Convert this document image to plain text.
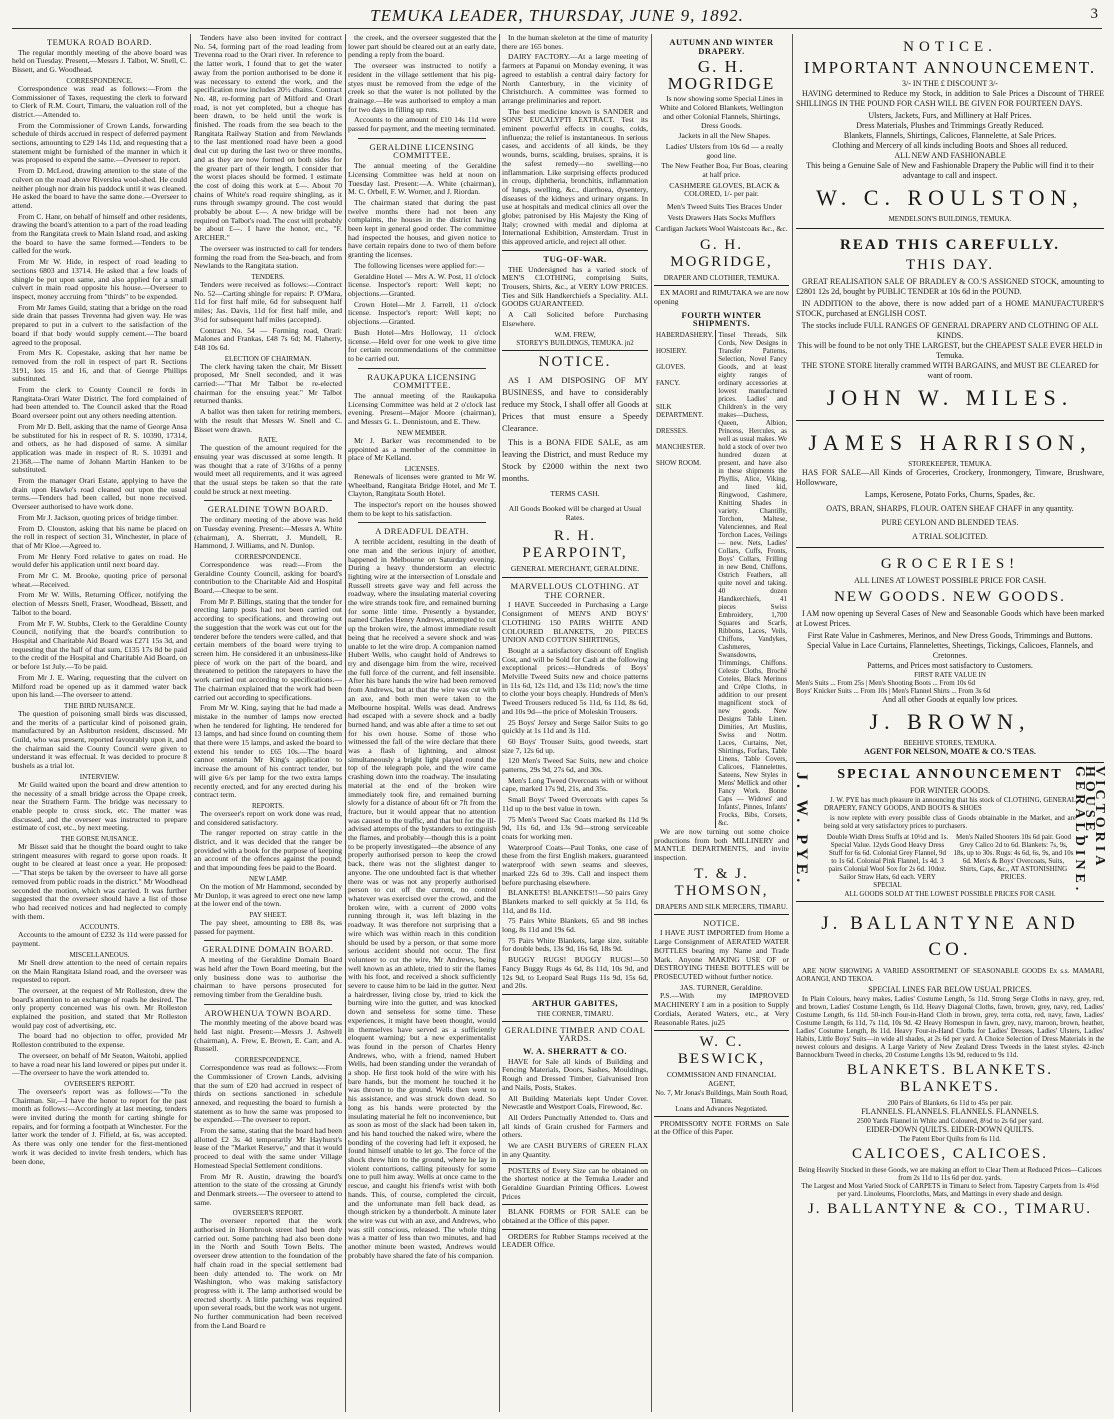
TEMUKA LEADER, THURSDAY, JUNE 9, 1892.	3
TEMUKA ROAD BOARD.

The regular monthly meeting of the above board was held on Tuesday. Present,—Messrs J. Talbot, W. Snell, C. Bissett, and G. Woodhead.

CORRESPONDENCE.

Correspondence was read as follows:—From the Commissioner of Taxes, requesting the clerk to forward to Clerk of R.M. Court, Timaru, the valuation roll of the district.—Attended to.

From the Commissioner of Crown Lands, forwarding schedule of thirds accrued in respect of deferred payment sections, amounting to £29 14s 11d, and requesting that a statement might be furnished of the manner in which it was proposed to expend the same.—Overseer to report.

From D. McLeod, drawing attention to the state of the culvert on the road above Riverslea wool-shed. He could neither plough nor drain his paddock until it was cleaned. He asked the board to have the same done.—Overseer to attend.

From C. Hanr, on behalf of himself and other residents, drawing the board's attention to a part of the road leading from the Rangitata creek to Main Island road, and asking the board to have the same formed.—Tenders to be called for the work.

From Mr W. Hide, in respect of road leading to sections 6803 and 13714. He asked that a few loads of shingle be put upon same, and also applied for a small culvert in main road opposite his house.—Overseer to inspect, money accruing from "thirds" to be expended.

From Mr James Guild, stating that a bridge on the road side drain that passes Trevenna had given way. He was prepared to put in a culvert to the satisfaction of the board if that body would supply cement.—The board agreed to the proposal.

From Mrs K. Copestake, asking that her name be removed from the roll in respect of part R. Sections 3191, lots 15 and 16, and that of George Phillips substituted.

From the clerk to County Council re fords in Rangitata-Orari Water District. The ford complained of had been attended to. The Council asked that the Road Board overseer point out any others needing attention.

From Mr D. Bell, asking that the name of George Ansa be substituted for his in respect of R. S. 10390, 17314, and others, as he had disposed of same. A similar application was made in respect of R. S. 10391 and 21368.—The name of Johann Martin Hanken to be substituted.

From the manager Orari Estate, applying to have the drain upon Hawke's road cleaned out upon the usual terms.—Tenders had been called, but none received. Overseer authorised to have work done.

From Mr J. Jackson, quoting prices of bridge timber.

From D. Clouston, asking that his name be placed on the roll in respect of section 31, Winchester, in place of that of Mr Kloe.—Agreed to.

From Mr Henry Ford relative to gates on road. He would defer his application until next board day.

From Mr C. M. Brooke, quoting price of personal wheat.—Received.

From Mr W. Wills, Returning Officer, notifying the election of Messrs Snell, Fraser, Woodhead, Bissett, and Talbot to the board.

From Mr F. W. Stubbs, Clerk to the Geraldine County Council, notifying that the board's contribution to Hospital and Charitable Aid Board was £271 15s 3d, and requesting that the half of that sum, £135 17s 8d be paid to the credit of the Hospital and Charitable Aid Board, on or before 1st July.—To be paid.

From Mr J. E. Waring, requesting that the culvert on Milford road be opened up as it dammed water back upon his land.—The overseer to attend.

THE BIRD NUISANCE.

The question of poisoning small birds was discussed, and the merits of a particular kind of poisoned grain, manufactured by an Ashburton resident, discussed. Mr Guild, who was present, reported favourably upon it, and the chairman said the County Council were given to understand it was effectual. It was decided to procure 8 bushels as a trial lot.

INTERVIEW.

Mr Guild waited upon the board and drew attention to the necessity of a small bridge across the Opape creek, near the Strathern Farm. The bridge was necessary to enable people to cross stock, etc. The matter was discussed, and the overseer was instructed to prepare estimate of cost, etc., by next meeting.

THE GORSE NUISANCE.

Mr Bisset said that he thought the board ought to take stringent measures with regard to gorse upon roads. It ought to be cleared at least once a year. He proposed:—"That steps be taken by the overseer to have all gorse removed from public roads in the district." Mr Woodhead seconded the motion, which was carried. It was further suggested that the overseer should have a list of those who had received notices and had neglected to comply with them.

ACCOUNTS.

Accounts to the amount of £232 3s 11d were passed for payment.

MISCELLANEOUS.

Mr Snell drew attention to the need of certain repairs on the Main Rangitata Island road, and the overseer was requested to report.

The overseer, at the request of Mr Rolleston, drew the board's attention to an exchange of roads he desired. The only property concerned was his own. Mr Rolleston explained the position, and stated that Mr Rolleston would pay cost of advertising, etc.

The board had no objection to offer, provided Mr Rolleston contributed to the expense.

The overseer, on behalf of Mr Seaton, Waitohi, applied to have a road near his land lowered or pipes put under it.—The overseer to have the work attended to.

OVERSEER'S REPORT.

The overseer's report was as follows:—"To the Chairman. Sir,—I have the honor to report for the past month as follows:—Accordingly at last meeting, tenders were invited during the month for carting shingle for repairs, and for forming a footpath at Winchester. For the latter work the tender of J. Fifield, at 6s, was accepted. As there was only one tender for the first-mentioned work it was decided to invite fresh tenders, which has been done,

Tenders have also been invited for contract No. 54, forming part of the road leading from Trevenna road to the Orari river. In reference to the latter work, I found that to get the water away from the portion authorised to be done it was necessary to extend the work, and the specification now includes 20½ chains. Contract No. 48, re-forming part of Milford and Orari road, is not yet completed, but a cheque has been drawn, to be held until the work is finished. The roads from the sea beach to the Rangitata Railway Station and from Newlands to the last mentioned road have been a good deal cut up during the last two or three months, and as they are now formed on both sides for the greater part of their length, I consider that the worst places should be formed. I estimate the cost of doing this work at £—. About 70 chains of White's road require shingling, as it runs through swampy ground. The cost would probably be about £—. A new bridge will be required on Talbot's road. The cost will probably be about £—. I have the honor, etc., "F. ARCHER."

The overseer was instructed to call for tenders forming the road from the Sea-beach, and from Newlands to the Rangitata station.

TENDERS.

Tenders were received as follows:—Contract No. 52—Carting shingle for repairs: P. O'Mara, 11d for first half mile, 6d for subsequent half miles; Jas. Davis, 11d for first half mile, and 3½d for subsequent half miles (accepted).

Contract No. 54 — Forming road, Orari: Malones and Frankas, £48 7s 6d; M. Flaherty, £48 10s 6d.

ELECTION OF CHAIRMAN.

The clerk having taken the chair, Mr Bissett proposed, Mr Snell seconded, and it was carried:—"That Mr Talbot be re-elected chairman for the ensuing year." Mr Talbot returned thanks.

A ballot was then taken for retiring members, with the result that Messrs W. Snell and C. Bisset were drawn.

RATE.

The question of the amount required for the ensuing year was discussed at some length. It was thought that a rate of 3/16ths of a penny would meet all requirements, and it was agreed that the usual steps be taken so that the rate could be struck at next meeting.

GERALDINE TOWN BOARD.

The ordinary meeting of the above was held on Tuesday evening. Present:—Messrs A. White (chairman), A. Sherratt, J. Mundell, R. Hammond, J. Williams, and N. Dunlop.

CORRESPONDENCE.

Correspondence was read:—From the Geraldine County Council, asking for board's contribution to the Charitable Aid and Hospital Board.—Cheque to be sent.

From Mr P. Billings, stating that the tender for erecting lamp posts had not been carried out according to specifications, and throwing out the suggestion that the work was cut out for the tenderer before the tenders were called, and that certain members of the board were trying to screen him. He considered it an unbusiness-like piece of work on the part of the board, and threatened to petition the ratepayers to have the work carried out according to specifications.—The chairman explained that the work had been carried out according to specifications.

From Mr W. King, saying that he had made a mistake in the number of lamps now erected when he tendered for lighting. He tendered for 13 lamps, and had since found on counting them that there were 15 lamps, and asked the board to extend his tender to £65 10s.—The board cannot entertain Mr King's application to increase the amount of his contract tender, but will give 6/s per lamp for the two extra lamps recently erected, and for any erected during his contract term.

REPORTS.

The overseer's report on work done was read, and considered satisfactory.

The ranger reported on stray cattle in the district, and it was decided that the ranger be provided with a book for the purpose of keeping an account of the offences against the pound; and that impounding fees be paid to the Board.

NEW LAMP.

On the motion of Mr Hammond, seconded by Mr Dunlop, it was agreed to erect one new lamp at the lower end of the town.

PAY SHEET.

The pay sheet, amounting to £88 8s, was passed for payment.

GERALDINE DOMAIN BOARD.

A meeting of the Geraldine Domain Board was held after the Town Board meeting, but the only business done was to authorise the chairman to have persons prosecuted for removing timber from the Geraldine bush.

AROWHENUA TOWN BOARD.

The monthly meeting of the above board was held last night. Present:—Messrs J. Ashwell (chairman), A. Frew, E. Brown, E. Carr, and A. Russell.

CORRESPONDENCE.

Correspondence was read as follows:—From the Commissioner of Crown Lands, advising that the sum of £20 had accrued in respect of thirds on sections sanctioned in schedule annexed, and requesting the board to furnish a statement as to how the same was proposed to be expended.—The overseer to report.

From the same, stating that the board had been allotted £2 3s 4d temporarily Mr Hayhurst's lease of the "Market Reserve," and that it would proceed to deal with the same under Village Homestead Special Settlement conditions.

From Mr R. Austin, drawing the board's attention to the state of the crossing at Grundy and Denmark streets.—The overseer to attend to same.

OVERSEER'S REPORT.

The overseer reported that the work authorised in Hornbrook street had been duly carried out. Some patching had also been done in the North and South Town Belts. The overseer drew attention to the foundation of the half chain road in the special settlement had been duly attended to. The work on Mr Washington, who was making satisfactory progress with it. The lamp authorised would be erected shortly. A little patching was required upon several roads, but the work was not urgent. No further communication had been received from the Land Board re

the creek, and the overseer suggested that the lower part should be cleared out at an early date, pending a reply from the board.

The overseer was instructed to notify a resident in the village settlement that his pig-styes must be removed from the edge of the creek so that the water is not polluted by the drainage.—He was authorised to employ a man for two days in filling up ruts.

Accounts to the amount of £10 14s 11d were passed for payment, and the meeting terminated.

GERALDINE LICENSING COMMITTEE.

The annual meeting of the Geraldine Licensing Committee was held at noon on Tuesday last. Present:—A. White (chairman), M. C. Orbell, F. W. Worner, and J. Riordan.

The chairman stated that during the past twelve months there had not been any complaints, the houses in the district having been kept in general good order. The committee had inspected the houses, and given notice to have certain repairs done to two of them before granting the licenses.

The following licenses were applied for:—

Geraldine Hotel — Mrs A. W. Post, 11 o'clock license. Inspector's report: Well kept; no objections.—Granted.

Crown Hotel—Mr J. Farrell, 11 o'clock license. Inspector's report: Well kept; no objections.—Granted.

Bush Hotel—Mrs Holloway, 11 o'clock license.—Held over for one week to give time for certain recommendations of the committee to be carried out.

RAUKAPUKA LICENSING COMMITTEE.

The annual meeting of the Raukapuka Licensing Committee was held at 2 o'clock last evening. Present—Major Moore (chairman), and Messrs G. L. Dennistoun, and E. Thew.

NEW MEMBER.

Mr J. Barker was recommended to be appointed as a member of the committee in place of Mr Kelland.

LICENSES.

Renewals of licenses were granted to Mr W. Wheelband, Rangitata Bridge Hotel, and Mr T. Clayton, Rangitata South Hotel.

The inspector's report on the houses showed them to be kept to his satisfaction.

A DREADFUL DEATH.

A terrible accident, resulting in the death of one man and the serious injury of another, happened in Melbourne on Saturday evening. During a heavy thunderstorm an electric lighting wire at the intersection of Lonsdale and Russell streets gave way and fell across the roadway, where the insulating material covering the wire strands took fire, and remained burning for some little time. Presently a bystander, named Charles Henry Andrews, attempted to cut up the broken wire, the almost immediate result being that he received a severe shock and was unable to let the wire drop. A companion named Hubert Wells, who caught hold of Andrews to try and disengage him from the wire, received the full force of the current, and fell insensible. After his bare hands the wire had been removed from Andrews, but at that the wire was cut with an axe, and both men were taken to the Melbourne hospital. Wells was dead. Andrews had escaped with a severe shock and a badly burned hand, and was able after a time to set out for his own house. Some of those who witnessed the fall of the wire declare that there was a flash of lightning, and almost simultaneously a bright light played round the top of the telegraph pole, and the wire came crashing down into the roadway. The insulating material at the end of the broken wire immediately took fire, and remained burning slowly for a distance of about 6ft or 7ft from the fracture, but it would appear that no attention was caused to the traffic, and that but for the ill-advised attempts of the bystanders to extinguish the flames, and probably—though this is a point to be properly investigated—the absence of any properly authorised person to keep the crowd back, there was not the slightest danger to anyone. The one undoubted fact is that whether there was or was not any properly authorised person to cut off the current, no control whatever was exercised over the crowd, and the broken wire, with a current of 2000 volts running through it, was left blazing in the roadway. It was therefore not surprising that a wire which was within reach in this condition should be used by a person, or that some more serious accident should not occur. The first volunteer to cut the wire, Mr Andrews, being well known as an athlete, tried to stir the flames with his foot, and received a shock sufficiently severe to cause him to be laid in the gutter. Next a hairdresser, living close by, tried to kick the burning wire into the gutter, and was knocked down and senseless for some time. These experiences, it might have been thought, would in themselves have served as a sufficiently eloquent warning; but a new experimentalist was found in the person of Charles Henry Andrews, who, with a friend, named Hubert Wells, had been standing under the verandah of a shop. He first took hold of the wire with his bare hands, but the moment he touched it he was thrown to the ground. Wells then went to his assistance, and was struck down dead. So long as his hands were protected by the insulating material he felt no inconvenience, but as soon as most of the slack had been taken in, and his hand touched the naked wire, where the bonding of the covering had left it exposed, he found himself unable to let go. The force of the shock threw him to the ground, where he lay in violent contortions, calling piteously for some one to pull him away. Wells at once came to the rescue, and caught his friend's wrist with both hands. This, of course, completed the circuit, and the unfortunate man fell back dead, as though stricken by a thunderbolt. A minute later the wire was cut with an axe, and Andrews, who was still conscious, released. The whole thing was a matter of less than two minutes, and had another minute been wasted, Andrews would probably have shared the fate of his companion.

In the human skeleton at the time of maturity there are 165 bones.

DAIRY FACTORY.—At a large meeting of farmers at Papanui on Monday evening, it was agreed to establish a central dairy factory for North Canterbury, in the vicinity of Christchurch. A committee was formed to arrange preliminaries and report.

The best medicine known is SANDER and SONS' EUCALYPTI EXTRACT. Test its eminent powerful effects in coughs, colds, influenza; the relief is instantaneous. In serious cases, and accidents of all kinds, be they wounds, burns, scalding, bruises, sprains, it is the safest remedy—no swelling—no inflammation. Like surprising effects produced in croup, diphtheria, bronchitis, inflammation of lungs, swelling, &c., diarrhoea, dysentery, diseases of the kidneys and urinary organs. In use at hospitals and medical clinics all over the globe; patronised by His Majesty the King of Italy; crowned with medal and diploma at International Exhibition, Amsterdam. Trust in this approved article, and reject all other.

TUG-OF-WAR.

THE Undersigned has a varied stock of MEN'S CLOTHING, comprising Suits, Trousers, Shirts, &c., at VERY LOW PRICES. Ties and Silk Handkerchiefs a Speciality. ALL GOODS GUARANTEED.

A Call Solicited before Purchasing Elsewhere.

W.M. FREW,
STOREY'S BUILDINGS, TEMUKA. jn2
NOTICE.

AS I AM DISPOSING OF MY BUSINESS, and have to considerably reduce my Stock, I shall offer all Goods at Prices that must ensure a Speedy Clearance.

This is a BONA FIDE SALE, as am leaving the District, and must Reduce my Stock by £2000 within the next two months.

TERMS CASH.
All Goods Booked will be charged at Usual Rates.
R. H. PEARPOINT,
GENERAL MERCHANT, GERALDINE.
MARVELLOUS CLOTHING. AT THE CORNER.

I HAVE Succeeded in Purchasing a Large Consignment of MEN'S AND BOYS' CLOTHING 150 PAIRS WHITE AND COLOURED BLANKETS, 20 PIECES UNION AND COTTON SHIRTINGS,

Bought at a satisfactory discount off English Cost, and will be Sold for Cash at the following exceptional prices:—Hundreds of Boys' Melville Tweed Suits new and choice patterns in 11s 6d, 12s 11d, and 13s 11d; now's the time to clothe your boys cheaply. Hundreds of Men's Tweed Trousers reduced 5s 11d, 6s 11d, 8s 6d, and 10s 9d—the price of Moleskin Trousers.

25 Boys' Jersey and Serge Sailor Suits to go quickly at 1s 11d and 3s 11d.

60 Boys' Trouser Suits, good tweeds, start size 7, 12s 6d up.

120 Men's Tweed Sac Suits, new and choice patterns, 29s 9d, 27s 6d, and 30s.

Men's Long Tweed Overcoats with or without cape, marked 17s 9d, 21s, and 35s.

Small Boys' Tweed Overcoats with capes 5s 11d up to the best value in town.

75 Men's Tweed Sac Coats marked 8s 11d 9s 9d, 11s 6d, and 13s 9d—strong serviceable coats for working men.

Waterproof Coats—Paul Tonks, one case of these from the first English makers, guaranteed waterproof with sewn seams and sleeves, marked 22s 6d to 39s. Call and inspect them before purchasing elsewhere.

BLANKETS! BLANKETS!!—50 pairs Grey Blankets marked to sell quickly at 5s 11d, 6s 11d, and 8s 11d.

75 Pairs White Blankets, 65 and 98 inches long, 8s 11d and 19s 6d.

75 Pairs White Blankets, large size, suitable for double beds, 13s 9d, 16s 6d, 18s 9d.

BUGGY RUGS! BUGGY RUGS!—50 Fancy Buggy Rugs 4s 6d, 8s 11d, 10s 9d, and 12s 9d, to Leopard Seal Rugs 11s 9d, 15s 6d, and 20s.

ARTHUR GABITES,
THE CORNER, TIMARU.
GERALDINE TIMBER AND COAL YARDS.
W. A. SHERRATT & CO.

HAVE for Sale all kinds of Building and Fencing Materials, Doors, Sashes, Mouldings, Rough and Dressed Timber, Galvanised Iron and Nails, Posts, Stakes.

All Building Materials kept Under Cover. Newcastle and Westport Coals, Firewood, &c.

All Orders Punctually Attended to. Oats and all kinds of Grain crushed for Farmers and others.

We are CASH BUYERS of GREEN FLAX in any Quantity.

POSTERS of Every Size can be obtained on the shortest notice at the Temuka Leader and Geraldine Guardian Printing Offices. Lowest Prices

BLANK FORMS or FOR SALE can be obtained at the Office of this paper.

ORDERS for Rubber Stamps received at the LEADER Office.

AUTUMN AND WINTER DRAPERY.
G. H. MOGRIDGE

Is now showing some Special Lines in White and Colored Blankets, Wellington and other Colonial Flannels, Shirtings, Dress Goods.

Jackets in all the New Shapes.

Ladies' Ulsters from 10s 6d — a really good line.

The New Feather Boa, Fur Boas, clearing at half price.

CASHMERE GLOVES, BLACK & COLORED, 1/- per pair.

Men's Tweed Suits Ties Braces Under Vests Drawers Hats Socks Mufflers Cardigan Jackets Wool Waistcoats &c., &c.

G. H. MOGRIDGE,
DRAPER AND CLOTHIER, TEMUKA.

EX MAORI and RIMUTAKA we are now opening

FOURTH WINTER SHIPMENTS.
HABERDASHERY.

HOSIERY.

GLOVES.

FANCY.

SILK DEPARTMENT.

DRESSES.

MANCHESTER.

SHOW ROOM.
	Tinsel Threads, Silk Cords, New Designs in Transfer Patterns, Selection, Novel Fancy Goods, and at least eighty ranges of ordinary accessories at lowest manufactured prices. Ladies' and Children's in the very makes—Duchess, Queen, Albion, Princess, Hercules, as well as usual makes. We hold a stock of over two hundred dozen at present, and have also in these shipments the Phyllis, Alice, Viking, and lined kid, Ringwood, Cashmere, Knitting Shades in variety. Chantilly, Torchon, Maltese, Valenciennes, and Real Torchon Laces, Veilings — new. Nets, Ladies' Collars, Cuffs, Fronts, Boys' Collars, Frilling in new Bend, Chiffons, Ostrich Feathers, all quite novel and taking. 40 dozen Handkerchiefs, 41 pieces Swiss Embroidery, 1,700 Squares and Scarfs, Ribbons, Laces, Veils, Chiffons, Vandykes, Cashmeres, Swansdowns, Trimmings, Chiffons. Celeste Cloths, Broché Coteles, Black Merinos and Crêpe Cloths, in addition to our present magnificent stock of new goods. New Designs Table Linen. Dimities, Art Muslins, Swiss and Nottm. Laces, Curtains, Net, Shirtings, Forfars, Table Linens, Table Covers, Calicoes, Flannelettes, Sateens, New Styles in Mens' Mellick and other Fancy Work. Bonne Caps — Widows' and Infants', Pinnes, Infants' Frocks, Bibs, Corsets, &c.

We are now turning out some choice productions from both MILLINERY and MANTLE DEPARTMENTS, and invite inspection.

T. & J. THOMSON,
DRAPERS AND SILK MERCERS, TIMARU.
NOTICE.

I HAVE JUST IMPORTED from Home a Large Consignment of AERATED WATER BOTTLES bearing my Name and Trade Mark. Anyone MAKING USE OF or DESTROYING THESE BOTTLES will be PROSECUTED without further notice.

JAS. TURNER, Geraldine.

P.S.—With my IMPROVED MACHINERY I am in a position to Supply Cordials, Aerated Waters, etc., at Very Reasonable Rates. ju25

W. C. BESWICK,
COMMISSION AND FINANCIAL AGENT,
No. 7, Mr Jonas's Buildings, Main South Road, Timaru.
Loans and Advances Negotiated.

PROMISSORY NOTE FORMS on Sale at the Office of this Paper.

NOTICE.
IMPORTANT ANNOUNCEMENT.
3/- IN THE £ DISCOUNT 3/-

HAVING determined to Reduce my Stock, in addition to Sale Prices a Discount of THREE SHILLINGS IN THE POUND FOR CASH WILL BE GIVEN FOR FOURTEEN DAYS.

Ulsters, Jackets, Furs, and Millinery at Half Prices.
Dress Materials, Plushes and Trimmings Greatly Reduced.
Blankets, Flannels, Shirtings, Calicoes, Flannelette, at Sale Prices.
Clothing and Mercery of all kinds including Boots and Shoes all reduced.
ALL NEW AND FASHIONABLE
This being a Genuine Sale of New and Fashionable Drapery the Public will find it to their advantage to call and inspect.
W. C. ROULSTON,
MENDELSON'S BUILDINGS, TEMUKA.
READ THIS CAREFULLY.
THIS DAY.

GREAT REALISATION SALE OF BRADLEY & CO.'S ASSIGNED STOCK, amounting to £2801 12s 2d, bought by PUBLIC TENDER at 10s 6d in the POUND.

IN ADDITION to the above, there is now added part of a HOME MANUFACTURER'S STOCK, purchased at ENGLISH COST.

The stocks include FULL RANGES OF GENERAL DRAPERY AND CLOTHING OF ALL KINDS.
This will be found to be not only THE LARGEST, but the CHEAPEST SALE EVER HELD in Temuka.
THE STONE STORE literally crammed WITH BARGAINS, and MUST BE CLEARED for want of room.
JOHN W. MILES.
JAMES HARRISON,
STOREKEEPER, TEMUKA.

HAS FOR SALE—All Kinds of Groceries, Crockery, Ironmongery, Tinware, Brushware, Hollowware,

Lamps, Kerosene, Potato Forks, Churns, Spades, &c.
OATS, BRAN, SHARPS, FLOUR. OATEN SHEAF CHAFF in any quantity.
PURE CEYLON AND BLENDED TEAS.
A TRIAL SOLICITED.
GROCERIES!
ALL LINES AT LOWEST POSSIBLE PRICE FOR CASH.
NEW GOODS. NEW GOODS.

I AM now opening up Several Cases of New and Seasonable Goods which have been marked at Lowest Prices.

First Rate Value in Cashmeres, Merinos, and New Dress Goods, Trimmings and Buttons.
Special Value in Lace Curtains, Flannelettes, Sheetings, Tickings, Calicoes, Flannels, and Cretonnes.
Patterns, and Prices most satisfactory to Customers.
FIRST RATE VALUE IN
Men's Suits ... From 25s | Men's Shooting Boots ... From 10s 6d
Boys' Knicker Suits ... From 10s | Men's Flannel Shirts ... From 3s 6d
And all other Goods at equally low prices.
J. BROWN,
BEEHIVE STORES, TEMUKA.
AGENT FOR NELSON, MOATE & CO.'S TEAS.
J. W. PYE.	VICTORIA HOUSE, GERALDINE.
SPECIAL ANNOUNCEMENT
FOR WINTER GOODS.

J. W. PYE has much pleasure in announcing that his stock of CLOTHING, GENERAL DRAPERY, FANCY GOODS, AND BOOTS & SHOES

is now replete with every possible class of Goods obtainable in the Market, and are being sold at very satisfactory prices to purchasers.

Double Width Dress Stuffs at 10½d and 1s. Special Value. 12yds Good Heavy Dress Stuff for 6s 6d. Colonial Grey Flannel, 9d to 1s 6d. Colonial Pink Flannel, 1s 4d. 3 pairs Colonial Wool Sox for 2s 6d. 10doz. Sailor Straw Hats, 6d each. VERY SPECIAL	Men's Nailed Shooters 10s 6d pair. Good Grey Calico 2d to 6d. Blankets: 7s, 9s, 18s, up to 30s. Rugs: 4s 6d, 6s, 9s, and 10s 6d. Men's & Boys' Overcoats, Suits, Shirts, Caps, &c., AT ASTONISHING PRICES.
ALL GOODS SOLD AT THE LOWEST POSSIBLE PRICES FOR CASH.
J. BALLANTYNE AND CO.

ARE NOW SHOWING A VARIED ASSORTMENT OF SEASONABLE GOODS Ex s.s. MAMARI, AORANGI, AND TEKOA.

SPECIAL LINES FAR BELOW USUAL PRICES.

In Plain Colours, heavy makes, Ladies' Costume Length, 5s 11d. Strong Serge Cloths in navy, grey, red, and brown, Ladies' Costume Length, 6s 11d. Heavy Diagonal Cloths, fawn, brown, grey, navy, red, Ladies' Costume Length, 6s 11d. 50-inch Four-in-Hand Cloth in brown, grey, terra cotta, red, navy, fawn, Ladies' Costume Length, 6s 11d, 7s 11d, 10s 9d. 42 Heavy Homespun in fawn, grey, navy, maroon, brown, heather, Ladies' Costume Length, 8s 11d. Heavy Four-in-Hand Cloths for Ladies' Dresses, Ladies' Ulsters, Ladies' Habits, Little Boys' Suits—in wide all shades, at 2s 6d per yard. A Choice Selection of Dress Materials in the newest colours and designs. A Large Variety of New Zealand Dress Tweeds in the latest styles. 42-inch Bannockburn Tweed in checks, 20 Costume Lengths 13s 9d, reduced to 9s 11d.

BLANKETS. BLANKETS. BLANKETS.
200 Pairs of Blankets, 6s 11d to 45s per pair.
FLANNELS. FLANNELS. FLANNELS. FLANNELS.
2500 Yards Flannel in White and Coloured, 8½d to 2s 6d per yard.
EIDER-DOWN QUILTS. EIDER-DOWN QUILTS.
The Patent Ebor Quilts from 6s 11d.
CALICOES, CALICOES.
Being Heavily Stocked in these Goods, we are making an effort to Clear Them at Reduced Prices—Calicoes from 2s 11d to 11s 6d per doz. yards.
The Largest and Most Varied Stock of CARPETS in Timaru to Select from. Tapestry Carpets from 1s 4½d per yard. Linoleums, Floorcloths, Mats, and Mattings in every shade and design.
J. BALLANTYNE & CO., TIMARU.
